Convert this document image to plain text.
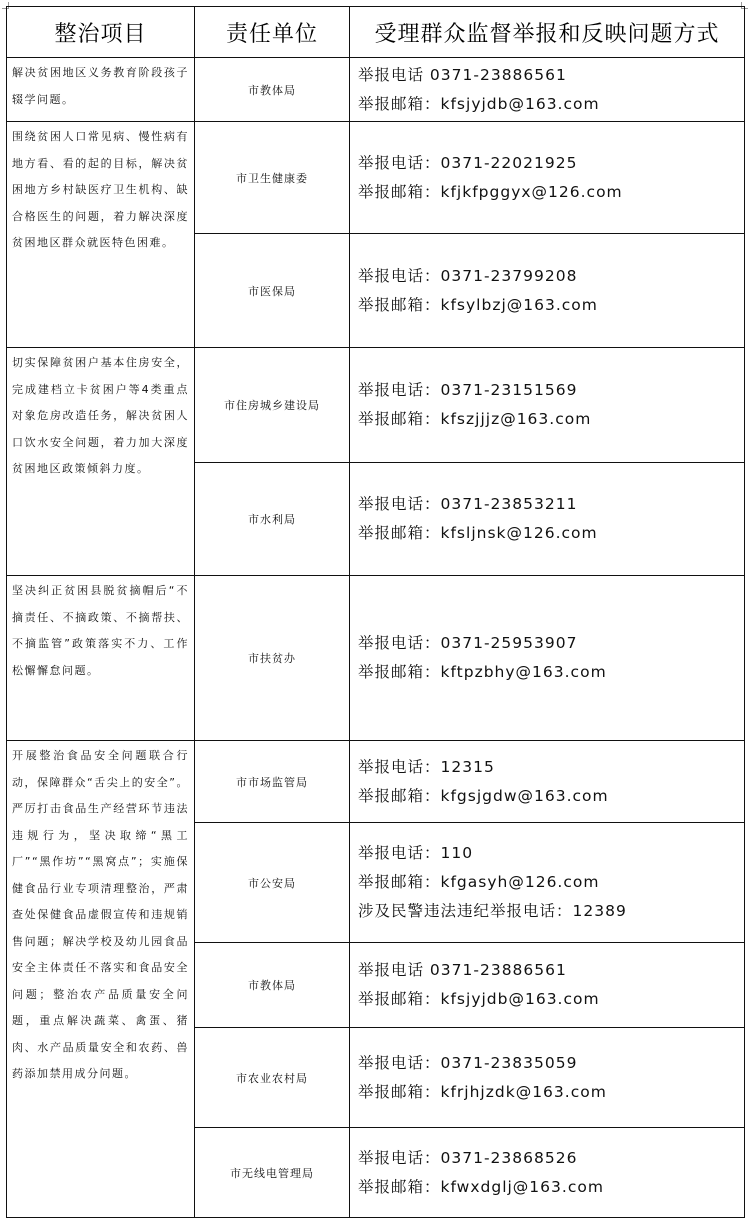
整治项目	责任单位	受理群众监督举报和反映问题方式
解决贫困地区义务教育阶段孩子辍学问题。	市教体局	举报电话 0371-23886561
举报邮箱：kfsjyjdb@163.com

围绕贫困人口常见病、慢性病有地方看、看的起的目标，解决贫困地方乡村缺医疗卫生机构、缺合格医生的问题，着力解决深度贫困地区群众就医特色困难。	市卫生健康委	举报电话：0371-22021925
举报邮箱：kfjkfpggyx@126.com

	市医保局	举报电话：0371-23799208
举报邮箱：kfsylbzj@163.com

切实保障贫困户基本住房安全，完成建档立卡贫困户等4类重点对象危房改造任务，解决贫困人口饮水安全问题，着力加大深度贫困地区政策倾斜力度。	市住房城乡建设局	举报电话：0371-23151569
举报邮箱：kfszjjjz@163.com

	市水利局	举报电话：0371-23853211
举报邮箱：kfsljnsk@126.com

坚决纠正贫困县脱贫摘帽后“不摘责任、不摘政策、不摘帮扶、不摘监管”政策落实不力、工作松懈懈怠问题。	市扶贫办	举报电话：0371-25953907
举报邮箱：kftpzbhy@163.com

开展整治食品安全问题联合行动，保障群众“舌尖上的安全”。严厉打击食品生产经营环节违法违规行为，坚决取缔“黑工厂”“黑作坊”“黑窝点”；实施保健食品行业专项清理整治，严肃查处保健食品虚假宣传和违规销售问题；解决学校及幼儿园食品安全主体责任不落实和食品安全问题；整治农产品质量安全问题，重点解决蔬菜、禽蛋、猪肉、水产品质量安全和农药、兽药添加禁用成分问题。	市市场监管局	举报电话：12315
举报邮箱：kfgsjgdw@163.com

	市公安局	举报电话：110
举报邮箱：kfgasyh@126.com
涉及民警违法违纪举报电话：12389

	市教体局	举报电话 0371-23886561
举报邮箱：kfsjyjdb@163.com

	市农业农村局	举报电话：0371-23835059
举报邮箱：kfrjhjzdk@163.com

	市无线电管理局	举报电话：0371-23868526
举报邮箱：kfwxdglj@163.com
